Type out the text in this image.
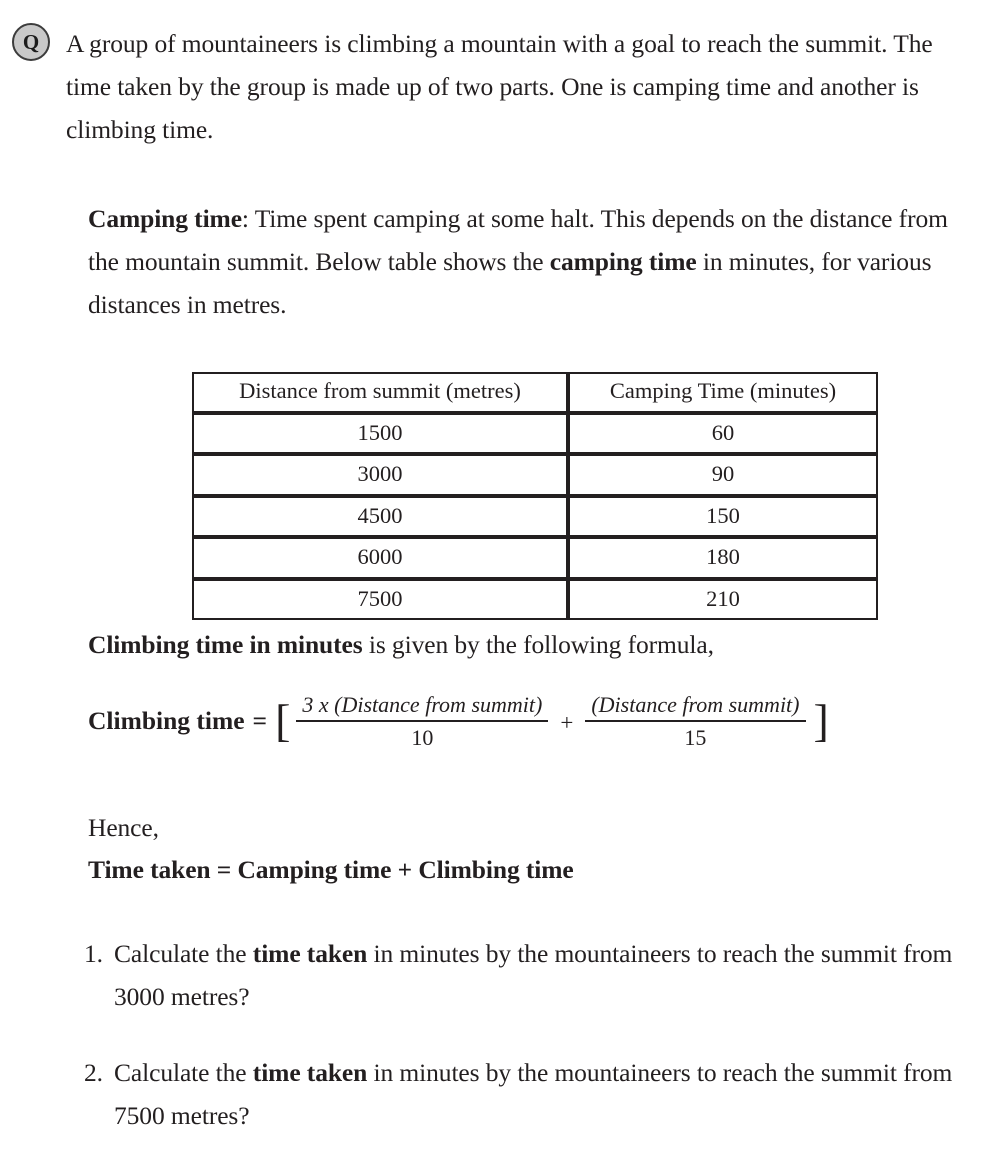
Q A group of mountaineers is climbing a mountain with a goal to reach the summit. The time taken by the group is made up of two parts. One is camping time and another is climbing time.
Camping time: Time spent camping at some halt. This depends on the distance from the mountain summit. Below table shows the camping time in minutes, for various distances in metres.
Distance from summit (metres)	Camping Time (minutes)
1500	60
3000	90
4500	150
6000	180
7500	210
Climbing time in minutes is given by the following formula,
Climbing time = [ $\frac{\text{3 x (Distance from summit)}}{10} + \frac{\text{(Distance from summit)}}{15}$ ]
Hence,
Time taken = Camping time + Climbing time
1. Calculate the time taken in minutes by the mountaineers to reach the summit from 3000 metres?
2. Calculate the time taken in minutes by the mountaineers to reach the summit from 7500 metres?
